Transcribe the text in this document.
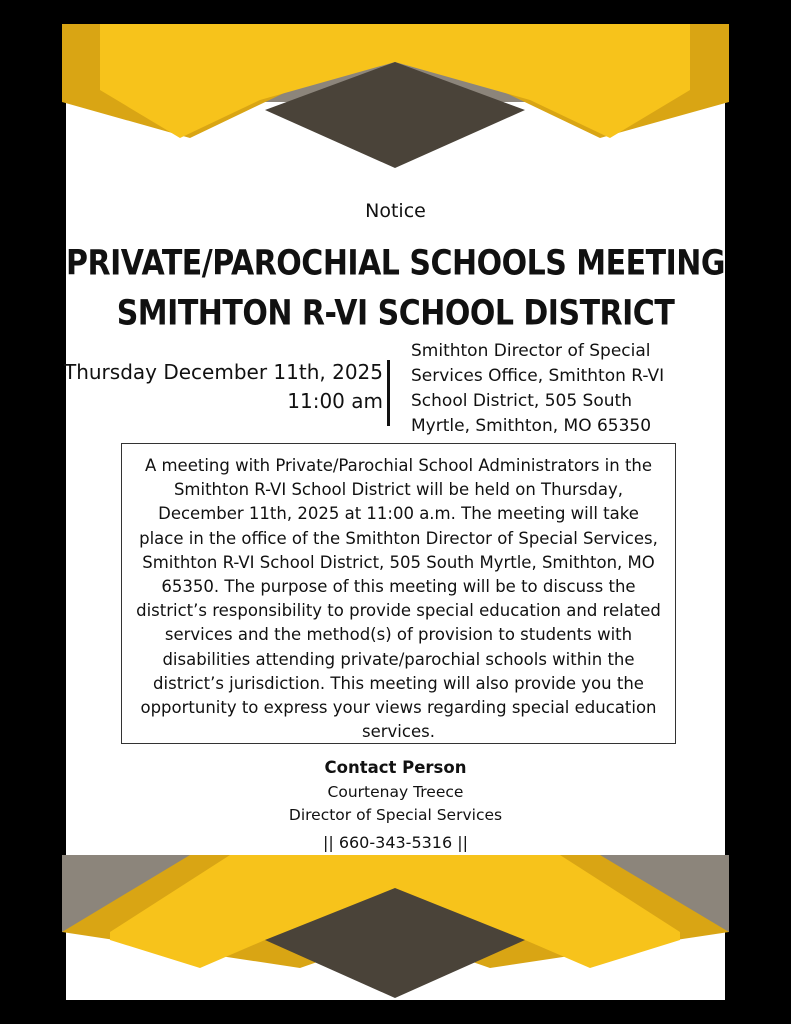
Notice
PRIVATE/PAROCHIAL SCHOOLS MEETING
SMITHTON R-VI SCHOOL DISTRICT
Thursday December 11th, 2025
11:00 am
Smithton Director of Special Services Office, Smithton R-VI School District, 505 South Myrtle, Smithton, MO 65350
A meeting with Private/Parochial School Administrators in the Smithton R-VI School District will be held on Thursday, December 11th, 2025 at 11:00 a.m. The meeting will take place in the office of the Smithton Director of Special Services, Smithton R-VI School District, 505 South Myrtle, Smithton, MO 65350. The purpose of this meeting will be to discuss the district’s responsibility to provide special education and related services and the method(s) of provision to students with disabilities attending private/parochial schools within the district’s jurisdiction. This meeting will also provide you the opportunity to express your views regarding special education services.
Contact Person
Courtenay Treece
Director of Special Services
|| 660-343-5316 ||
